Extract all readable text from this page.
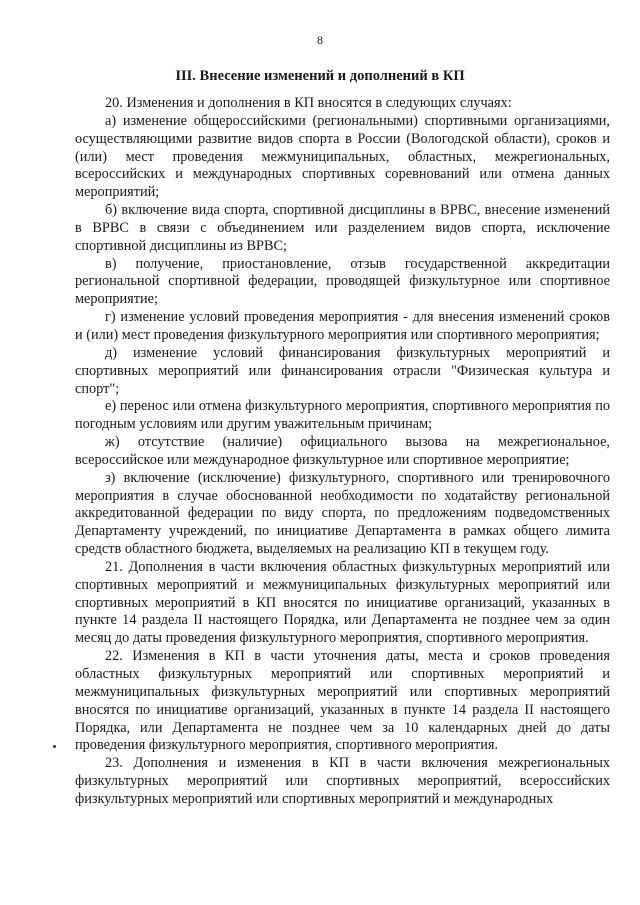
8
III. Внесение изменений и дополнений в КП

20. Изменения и дополнения в КП вносятся в следующих случаях:

а) изменение общероссийскими (региональными) спортивными организациями, осуществляющими развитие видов спорта в России (Вологодской области), сроков и (или) мест проведения межмуниципальных, областных, межрегиональных, всероссийских и международных спортивных соревнований или отмена данных мероприятий;

б) включение вида спорта, спортивной дисциплины в ВРВС, внесение изменений в ВРВС в связи с объединением или разделением видов спорта, исключение спортивной дисциплины из ВРВС;

в) получение, приостановление, отзыв государственной аккредитации региональной спортивной федерации, проводящей физкультурное или спортивное мероприятие;

г) изменение условий проведения мероприятия - для внесения изменений сроков и (или) мест проведения физкультурного мероприятия или спортивного мероприятия;

д) изменение условий финансирования физкультурных мероприятий и спортивных мероприятий или финансирования отрасли "Физическая культура и спорт";

е) перенос или отмена физкультурного мероприятия, спортивного мероприятия по погодным условиям или другим уважительным причинам;

ж) отсутствие (наличие) официального вызова на межрегиональное, всероссийское или международное физкультурное или спортивное мероприятие;

з) включение (исключение) физкультурного, спортивного или тренировочного мероприятия в случае обоснованной необходимости по ходатайству региональной аккредитованной федерации по виду спорта, по предложениям подведомственных Департаменту учреждений, по инициативе Департамента в рамках общего лимита средств областного бюджета, выделяемых на реализацию КП в текущем году.

21. Дополнения в части включения областных физкультурных мероприятий или спортивных мероприятий и межмуниципальных физкультурных мероприятий или спортивных мероприятий в КП вносятся по инициативе организаций, указанных в пункте 14 раздела II настоящего Порядка, или Департамента не позднее чем за один месяц до даты проведения физкультурного мероприятия, спортивного мероприятия.

22. Изменения в КП в части уточнения даты, места и сроков проведения областных физкультурных мероприятий или спортивных мероприятий и межмуниципальных физкультурных мероприятий или спортивных мероприятий вносятся по инициативе организаций, указанных в пункте 14 раздела II настоящего Порядка, или Департамента не позднее чем за 10 календарных дней до даты проведения физкультурного мероприятия, спортивного мероприятия.

23. Дополнения и изменения в КП в части включения межрегиональных физкультурных мероприятий или спортивных мероприятий, всероссийских физкультурных мероприятий или спортивных мероприятий и международных
